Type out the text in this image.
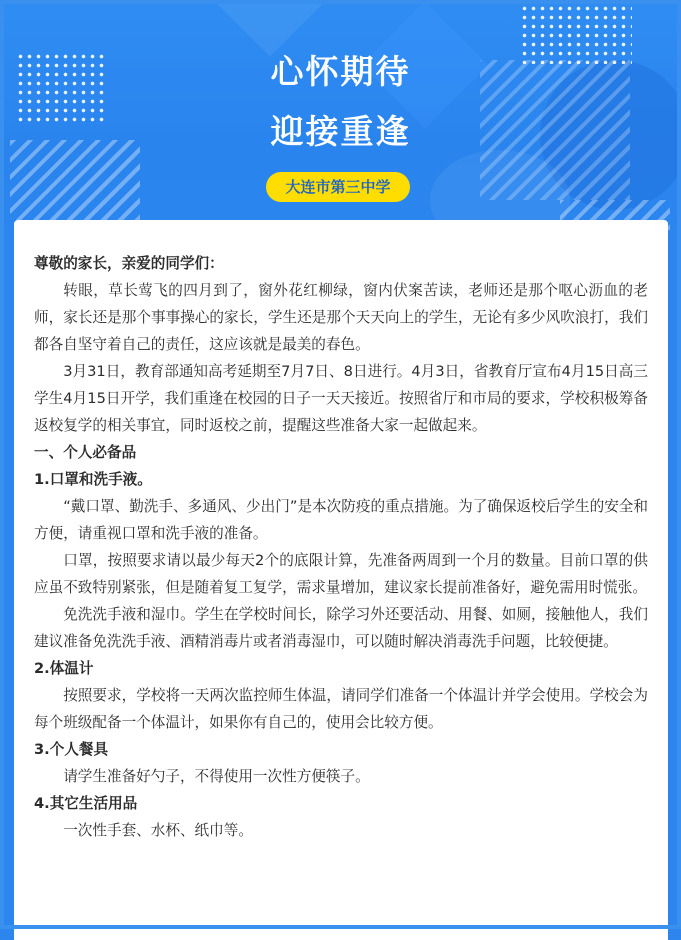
心怀期待
迎接重逢
大连市第三中学

尊敬的家长，亲爱的同学们：

转眼，草长莺飞的四月到了，窗外花红柳绿，窗内伏案苦读，老师还是那个呕心沥血的老师，家长还是那个事事操心的家长，学生还是那个天天向上的学生，无论有多少风吹浪打，我们都各自坚守着自己的责任，这应该就是最美的春色。

3月31日，教育部通知高考延期至7月7日、8日进行。4月3日，省教育厅宣布4月15日高三学生4月15日开学，我们重逢在校园的日子一天天接近。按照省厅和市局的要求，学校积极筹备返校复学的相关事宜，同时返校之前，提醒这些准备大家一起做起来。

一、个人必备品

1.口罩和洗手液。

“戴口罩、勤洗手、多通风、少出门”是本次防疫的重点措施。为了确保返校后学生的安全和方便，请重视口罩和洗手液的准备。

口罩，按照要求请以最少每天2个的底限计算，先准备两周到一个月的数量。目前口罩的供应虽不致特别紧张，但是随着复工复学，需求量增加，建议家长提前准备好，避免需用时慌张。

免洗洗手液和湿巾。学生在学校时间长，除学习外还要活动、用餐、如厕，接触他人，我们建议准备免洗洗手液、酒精消毒片或者消毒湿巾，可以随时解决消毒洗手问题，比较便捷。

2.体温计

按照要求，学校将一天两次监控师生体温，请同学们准备一个体温计并学会使用。学校会为每个班级配备一个体温计，如果你有自己的，使用会比较方便。

3.个人餐具

请学生准备好勺子，不得使用一次性方便筷子。

4.其它生活用品

一次性手套、水杯、纸巾等。
